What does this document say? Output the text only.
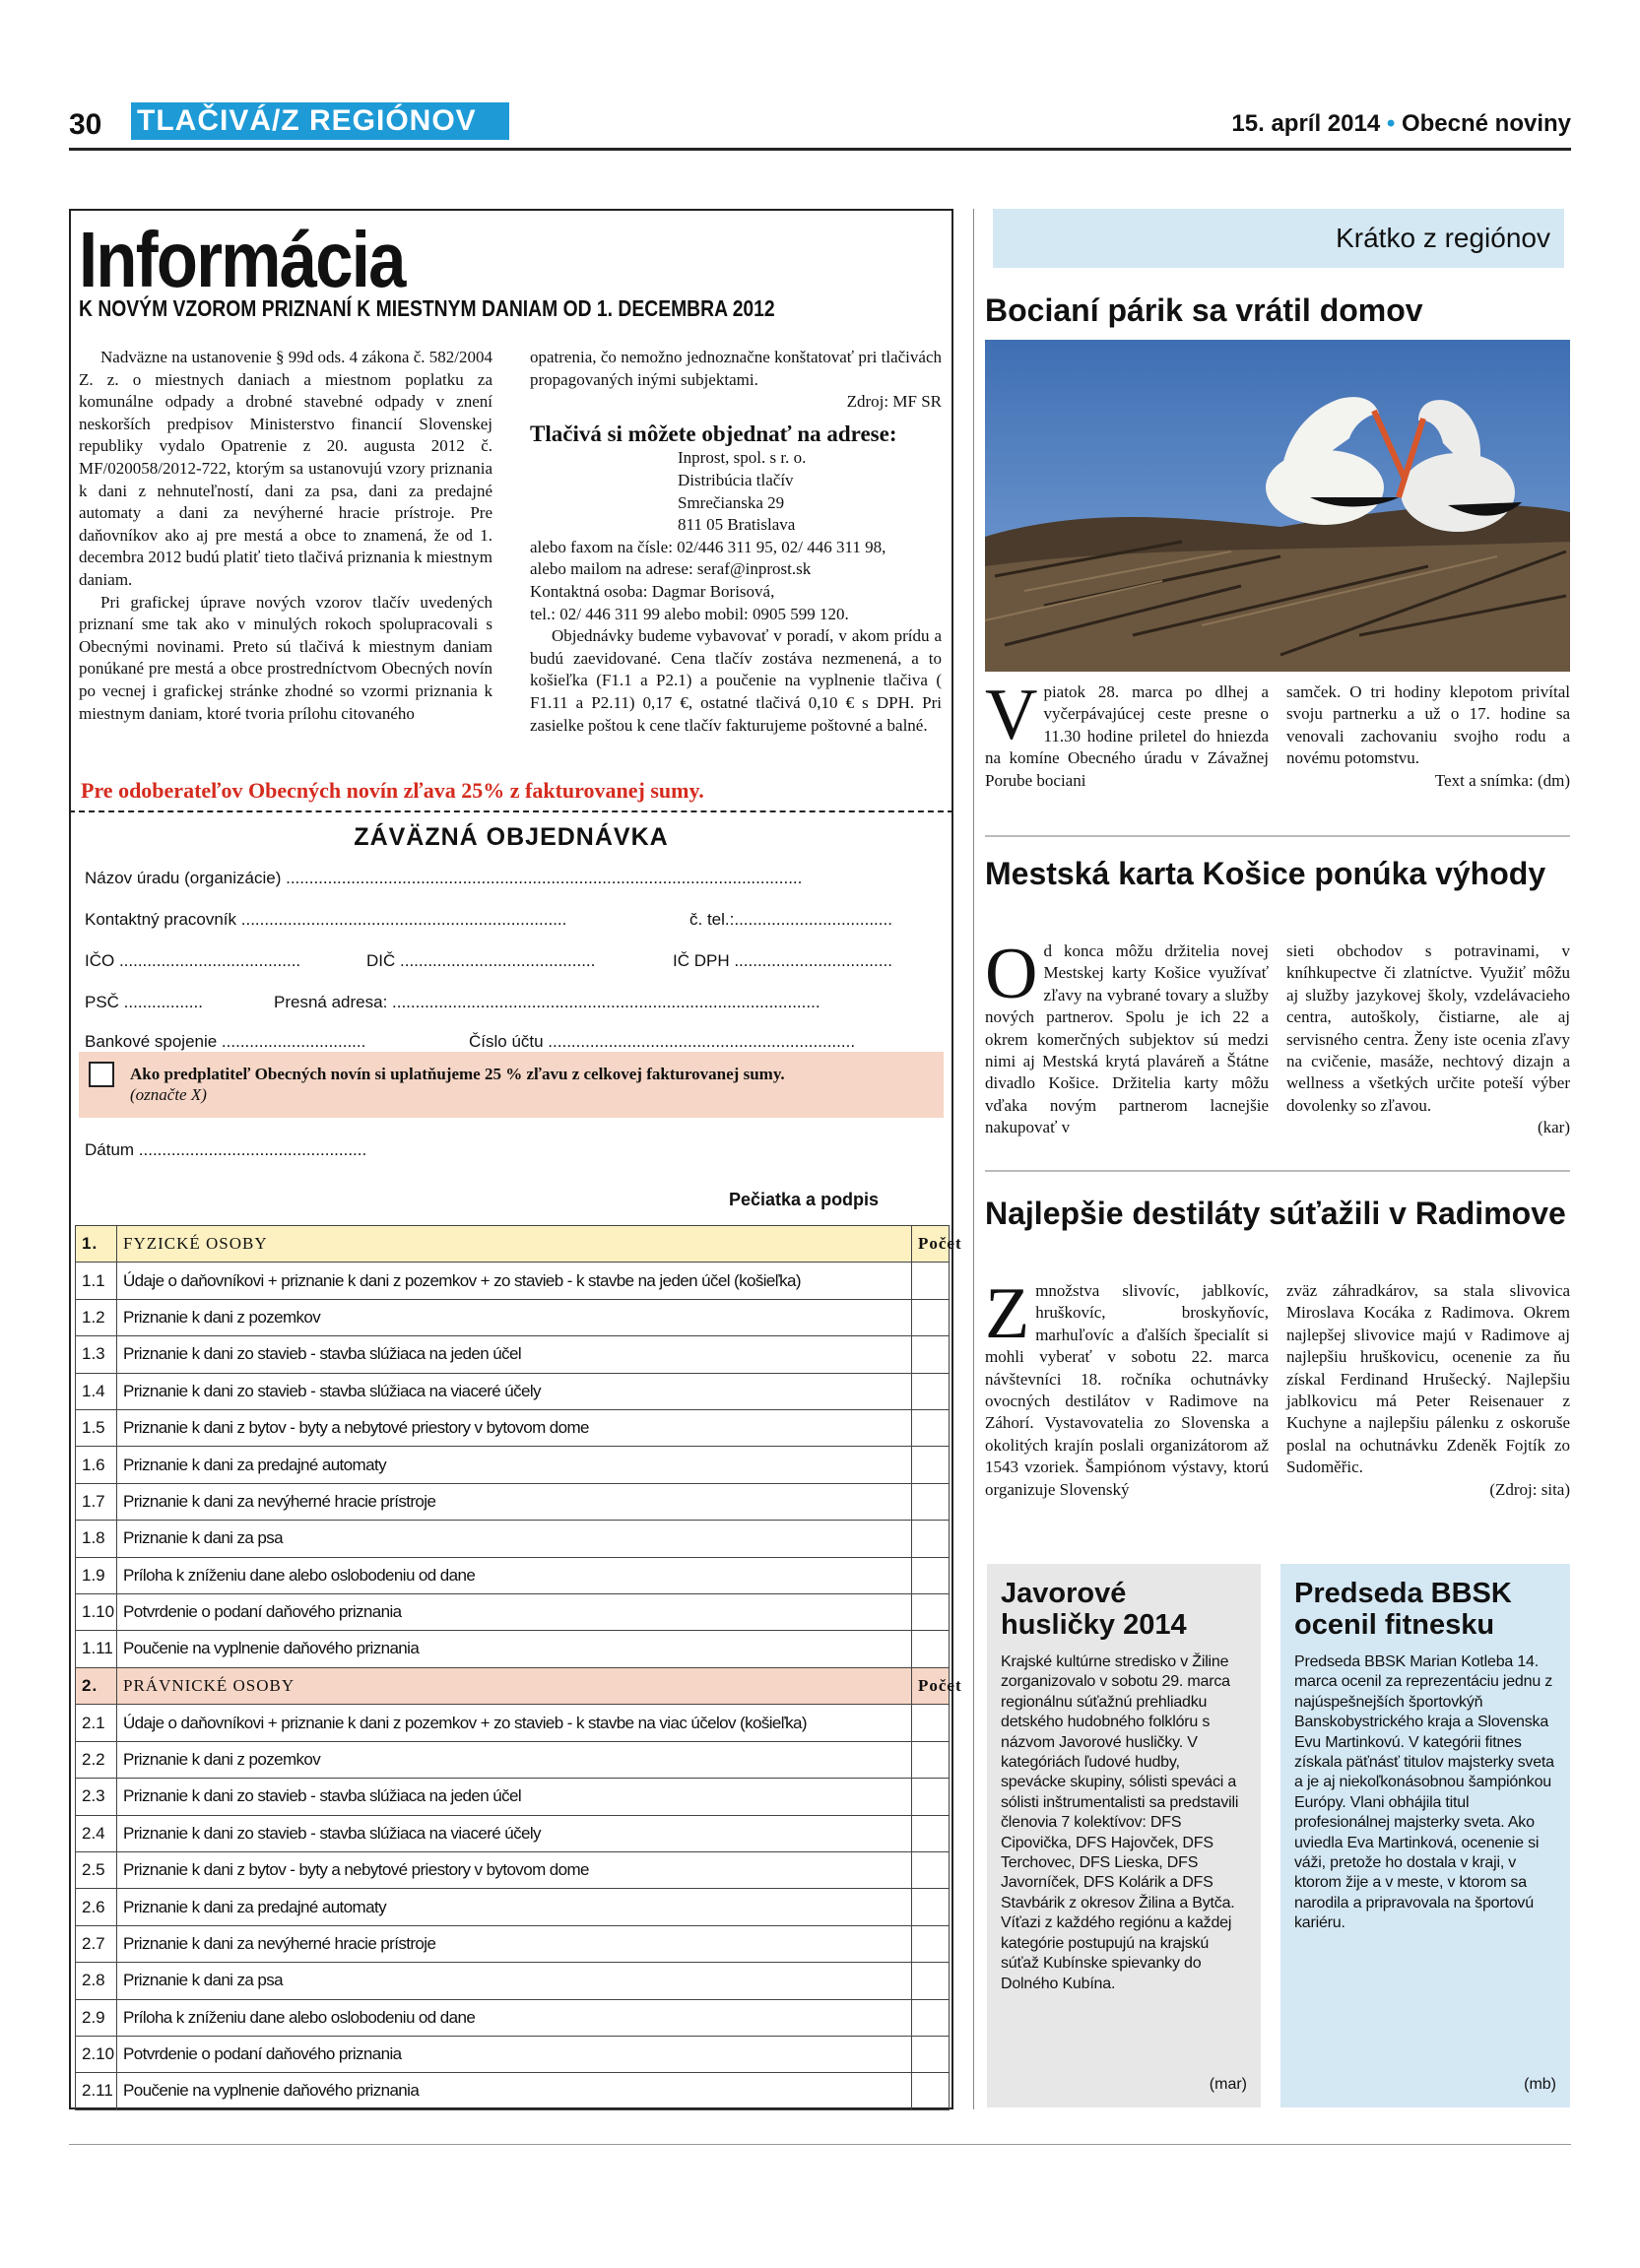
30 TLAČIVÁ/Z REGIÓNOV	15. apríl 2014 • Obecné noviny
Informácia
K NOVÝM VZOROM PRIZNANÍ K MIESTNYM DANIAM OD 1. DECEMBRA 2012

Nadväzne na ustanovenie § 99d ods. 4 zákona č. 582/2004 Z. z. o miestnych daniach a miestnom poplatku za komunálne odpady a drobné stavebné odpady v znení neskorších predpisov Ministerstvo financií Slovenskej republiky vydalo Opatrenie z 20. augusta 2012 č. MF/020058/2012-722, ktorým sa ustanovujú vzory priznania k dani z nehnuteľností, dani za psa, dani za predajné automaty a dani za nevýherné hracie prístroje. Pre daňovníkov ako aj pre mestá a obce to znamená, že od 1. decembra 2012 budú platiť tieto tlačivá priznania k miestnym daniam.

Pri grafickej úprave nových vzorov tlačív uvedených priznaní sme tak ako v minulých rokoch spolupracovali s Obecnými novinami. Preto sú tlačivá k miestnym daniam ponúkané pre mestá a obce prostredníctvom Obecných novín po vecnej i grafickej stránke zhodné so vzormi priznania k miestnym daniam, ktoré tvoria prílohu citovaného

opatrenia, čo nemožno jednoznačne konštatovať pri tlačivách propagovaných inými subjektami.

Zdroj: MF SR

Tlačivá si môžete objednať na adrese:

Inprost, spol. s r. o.

Distribúcia tlačív

Smrečianska 29

811 05 Bratislava

alebo faxom na čísle: 02/446 311 95, 02/ 446 311 98,

alebo mailom na adrese: seraf@inprost.sk

Kontaktná osoba: Dagmar Borisová,

tel.: 02/ 446 311 99 alebo mobil: 0905 599 120.

Objednávky budeme vybavovať v poradí, v akom prídu a budú zaevidované. Cena tlačív zostáva nezmenená, a to košieľka (F1.1 a P2.1) a poučenie na vyplnenie tlačiva ( F1.11 a P2.11) 0,17 €, ostatné tlačivá 0,10 € s DPH. Pri zasielke poštou k cene tlačív fakturujeme poštovné a balné.

Pre odoberateľov Obecných novín zľava 25% z fakturovanej sumy.
ZÁVÄZNÁ OBJEDNÁVKA
Názov úradu (organizácie) ...............................................................................................................
Kontaktný pracovník ......................................................................	č. tel.:..................................
IČO .......................................	DIČ ..........................................	IČ DPH ..................................
PSČ .................	Presná adresa: ............................................................................................
Bankové spojenie ...............................	Číslo účtu ..................................................................
Ako predplatiteľ Obecných novín si uplatňujeme 25 % zľavu z celkovej fakturovanej sumy.
(označte X)
Dátum .................................................
Pečiatka a podpis
1.	FYZICKÉ OSOBY	Počet
1.1	Údaje o daňovníkovi + priznanie k dani z pozemkov + zo stavieb - k stavbe na jeden účel (košieľka)	
1.2	Priznanie k dani z pozemkov	
1.3	Priznanie k dani zo stavieb - stavba slúžiaca na jeden účel	
1.4	Priznanie k dani zo stavieb - stavba slúžiaca na viaceré účely	
1.5	Priznanie k dani z bytov - byty a nebytové priestory v bytovom dome	
1.6	Priznanie k dani za predajné automaty	
1.7	Priznanie k dani za nevýherné hracie prístroje	
1.8	Priznanie k dani za psa	
1.9	Príloha k zníženiu dane alebo oslobodeniu od dane	
1.10	Potvrdenie o podaní daňového priznania	
1.11	Poučenie na vyplnenie daňového priznania	
2.	PRÁVNICKÉ OSOBY	Počet
2.1	Údaje o daňovníkovi + priznanie k dani z pozemkov + zo stavieb - k stavbe na viac účelov (košieľka)	
2.2	Priznanie k dani z pozemkov	
2.3	Priznanie k dani zo stavieb - stavba slúžiaca na jeden účel	
2.4	Priznanie k dani zo stavieb - stavba slúžiaca na viaceré účely	
2.5	Priznanie k dani z bytov - byty a nebytové priestory v bytovom dome	
2.6	Priznanie k dani za predajné automaty	
2.7	Priznanie k dani za nevýherné hracie prístroje	
2.8	Priznanie k dani za psa	
2.9	Príloha k zníženiu dane alebo oslobodeniu od dane	
2.10	Potvrdenie o podaní daňového priznania	
2.11	Poučenie na vyplnenie daňového priznania	
Krátko z regiónov
Bocianí párik sa vrátil domov
Vpiatok 28. marca po dlhej a vyčerpávajúcej ceste presne o 11.30 hodine priletel do hniezda na komíne Obecného úradu v Závažnej Porube bociani

samček. O tri hodiny klepotom privítal svoju partnerku a už o 17. hodine sa venovali zachovaniu svojho rodu a novému potomstvu.

Text a snímka: (dm)

Mestská karta Košice ponúka výhody
Od konca môžu držitelia novej Mestskej karty Košice využívať zľavy na vybrané tovary a služby nových partnerov. Spolu je ich 22 a okrem komerčných subjektov sú medzi nimi aj Mestská krytá plaváreň a Štátne divadlo Košice. Držitelia karty môžu vďaka novým partnerom lacnejšie nakupovať v

sieti obchodov s potravinami, v kníhkupectve či zlatníctve. Využiť môžu aj služby jazykovej školy, vzdelávacieho centra, autoškoly, čistiarne, ale aj servisného centra. Ženy iste ocenia zľavy na cvičenie, masáže, nechtový dizajn a wellness a všetkých určite poteší výber dovolenky so zľavou.

(kar)

Najlepšie destiláty súťažili v Radimove
Zmnožstva slivovíc, jablkovíc, hruškovíc, broskyňovíc, marhuľovíc a ďalších špecialít si mohli vyberať v sobotu 22. marca návštevníci 18. ročníka ochutnávky ovocných destilátov v Radimove na Záhorí. Vystavovatelia zo Slovenska a okolitých krajín poslali organizátorom až 1543 vzoriek. Šampiónom výstavy, ktorú organizuje Slovenský

zväz záhradkárov, sa stala slivovica Miroslava Kocáka z Radimova. Okrem najlepšej slivovice majú v Radimove aj najlepšiu hruškovicu, ocenenie za ňu získal Ferdinand Hrušecký. Najlepšiu jablkovicu má Peter Reisenauer z Kuchyne a najlepšiu pálenku z oskoruše poslal na ochutnávku Zdeněk Fojtík zo Sudoměřic.

(Zdroj: sita)

Javorové husličky 2014
Krajské kultúrne stredisko v Žiline zorganizovalo v sobotu 29. marca regionálnu súťažnú prehliadku detského hudobného folklóru s názvom Javorové husličky. V kategóriách ľudové hudby, spevácke skupiny, sólisti speváci a sólisti inštrumentalisti sa predstavili členovia 7 kolektívov: DFS Cipovička, DFS Hajovček, DFS Terchovec, DFS Lieska, DFS Javorníček, DFS Kolárik a DFS Stavbárik z okresov Žilina a Bytča. Víťazi z každého regiónu a každej kategórie postupujú na krajskú súťaž Kubínske spievanky do Dolného Kubína.
(mar)
Predseda BBSK ocenil fitnesku
Predseda BBSK Marian Kotleba 14. marca ocenil za reprezentáciu jednu z najúspešnejších športovkýň Banskobystrického kraja a Slovenska Evu Martinkovú. V kategórii fitnes získala päťnásť titulov majsterky sveta a je aj niekoľkonásobnou šampiónkou Európy. Vlani obhájila titul profesionálnej majsterky sveta. Ako uviedla Eva Martinková, ocenenie si váži, pretože ho dostala v kraji, v ktorom žije a v meste, v ktorom sa narodila a pripravovala na športovú kariéru.
(mb)
